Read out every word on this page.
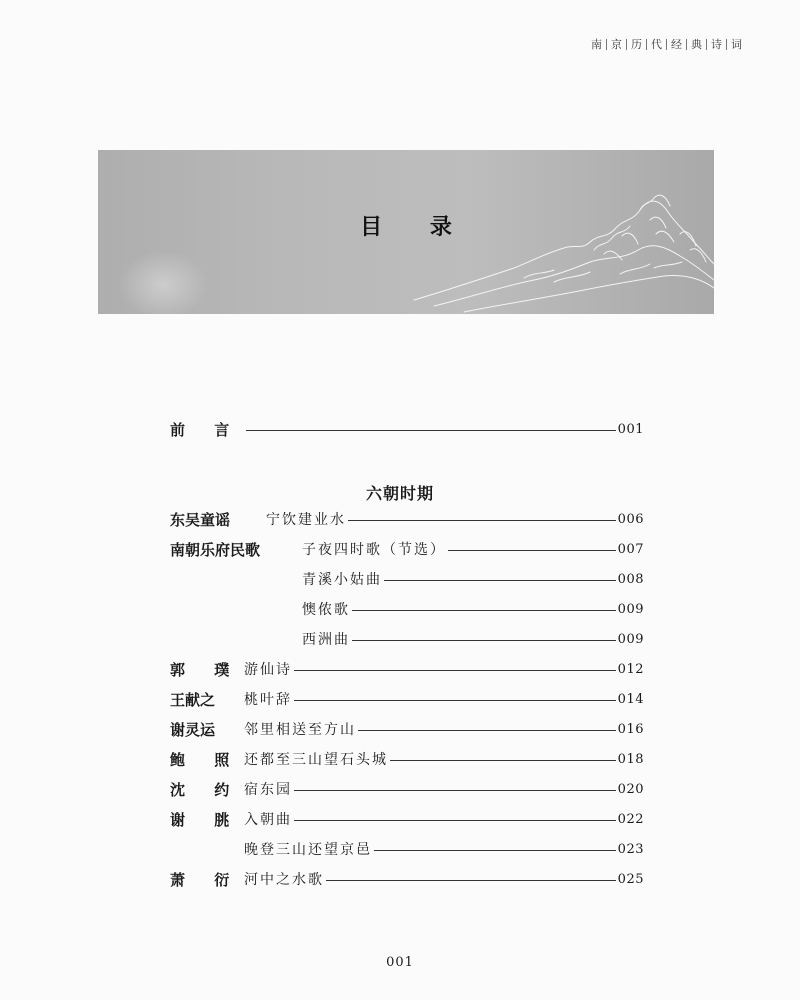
南 京 历 代 经 典 诗 词
目 录
前 言	001
六朝时期
东吴童谣	宁饮建业水	006
南朝乐府民歌	子夜四时歌（节选）	007
青溪小姑曲	008
懊侬歌	009
西洲曲	009
郭 璞 游仙诗	012
王献之	桃叶辞	014
谢灵运	邻里相送至方山	016
鲍 照 还都至三山望石头城	018
沈 约 宿东园	020
谢 朓 入朝曲	022
晚登三山还望京邑	023
萧 衍 河中之水歌	025
001
